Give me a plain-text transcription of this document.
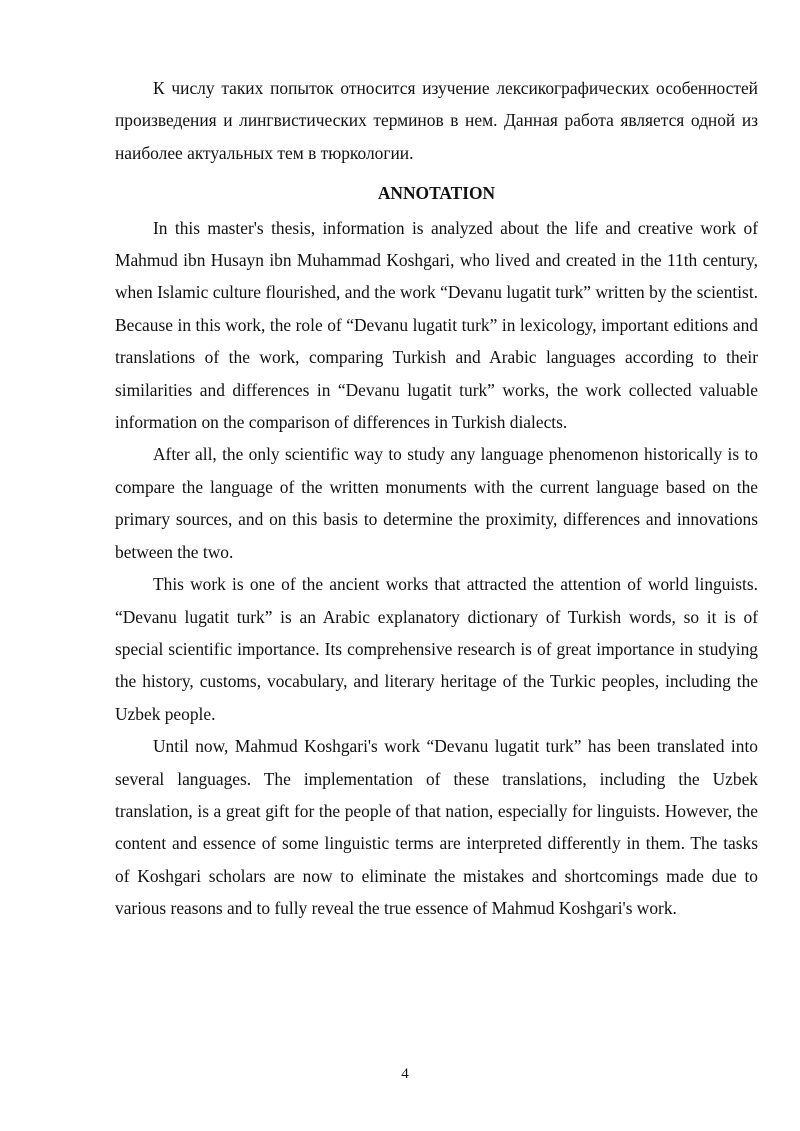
К числу таких попыток относится изучение лексикографических особенностей произведения и лингвистических терминов в нем. Данная работа является одной из наиболее актуальных тем в тюркологии.

ANNOTATION

In this master's thesis, information is analyzed about the life and creative work of Mahmud ibn Husayn ibn Muhammad Koshgari, who lived and created in the 11th century, when Islamic culture flourished, and the work “Devanu lugatit turk” written by the scientist. Because in this work, the role of “Devanu lugatit turk” in lexicology, important editions and translations of the work, comparing Turkish and Arabic languages according to their similarities and differences in “Devanu lugatit turk” works, the work collected valuable information on the comparison of differences in Turkish dialects.

After all, the only scientific way to study any language phenomenon historically is to compare the language of the written monuments with the current language based on the primary sources, and on this basis to determine the proximity, differences and innovations between the two.

This work is one of the ancient works that attracted the attention of world linguists. “Devanu lugatit turk” is an Arabic explanatory dictionary of Turkish words, so it is of special scientific importance. Its comprehensive research is of great importance in studying the history, customs, vocabulary, and literary heritage of the Turkic peoples, including the Uzbek people.

Until now, Mahmud Koshgari's work “Devanu lugatit turk” has been translated into several languages. The implementation of these translations, including the Uzbek translation, is a great gift for the people of that nation, especially for linguists. However, the content and essence of some linguistic terms are interpreted differently in them. The tasks of Koshgari scholars are now to eliminate the mistakes and shortcomings made due to various reasons and to fully reveal the true essence of Mahmud Koshgari's work.

4
